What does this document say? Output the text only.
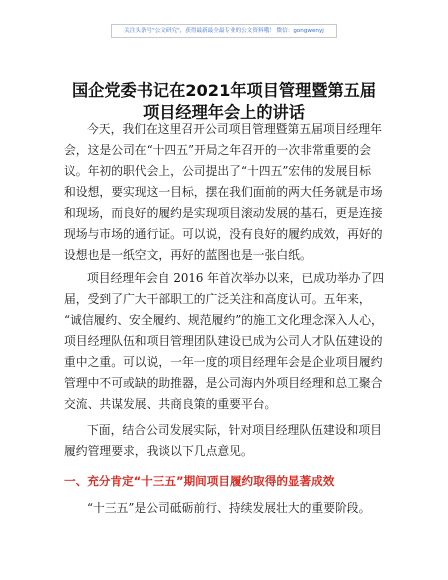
关注头条号"公文研究"，获得最新最全最专业的公文资料哦！ 微信：gongwenyj
国企党委书记在2021年项目管理暨第五届
项目经理年会上的讲话
今天，我们在这里召开公司项目管理暨第五届项目经理年
会，这是公司在“十四五”开局之年召开的一次非常重要的会
议。年初的职代会上，公司提出了“十四五”宏伟的发展目标
和设想，要实现这一目标，摆在我们面前的两大任务就是市场
和现场，而良好的履约是实现项目滚动发展的基石，更是连接
现场与市场的通行证。可以说，没有良好的履约成效，再好的
设想也是一纸空文，再好的蓝图也是一张白纸。
项目经理年会自 2016 年首次举办以来，已成功举办了四
届，受到了广大干部职工的广泛关注和高度认可。五年来，
“诚信履约、安全履约、规范履约”的施工文化理念深入人心，
项目经理队伍和项目管理团队建设已成为公司人才队伍建设的
重中之重。可以说，一年一度的项目经理年会是企业项目履约
管理中不可或缺的助推器，是公司海内外项目经理和总工聚合
交流、共谋发展、共商良策的重要平台。
下面，结合公司发展实际，针对项目经理队伍建设和项目
履约管理要求，我谈以下几点意见。
一、充分肯定“十三五”期间项目履约取得的显著成效
“十三五”是公司砥砺前行、持续发展壮大的重要阶段。
